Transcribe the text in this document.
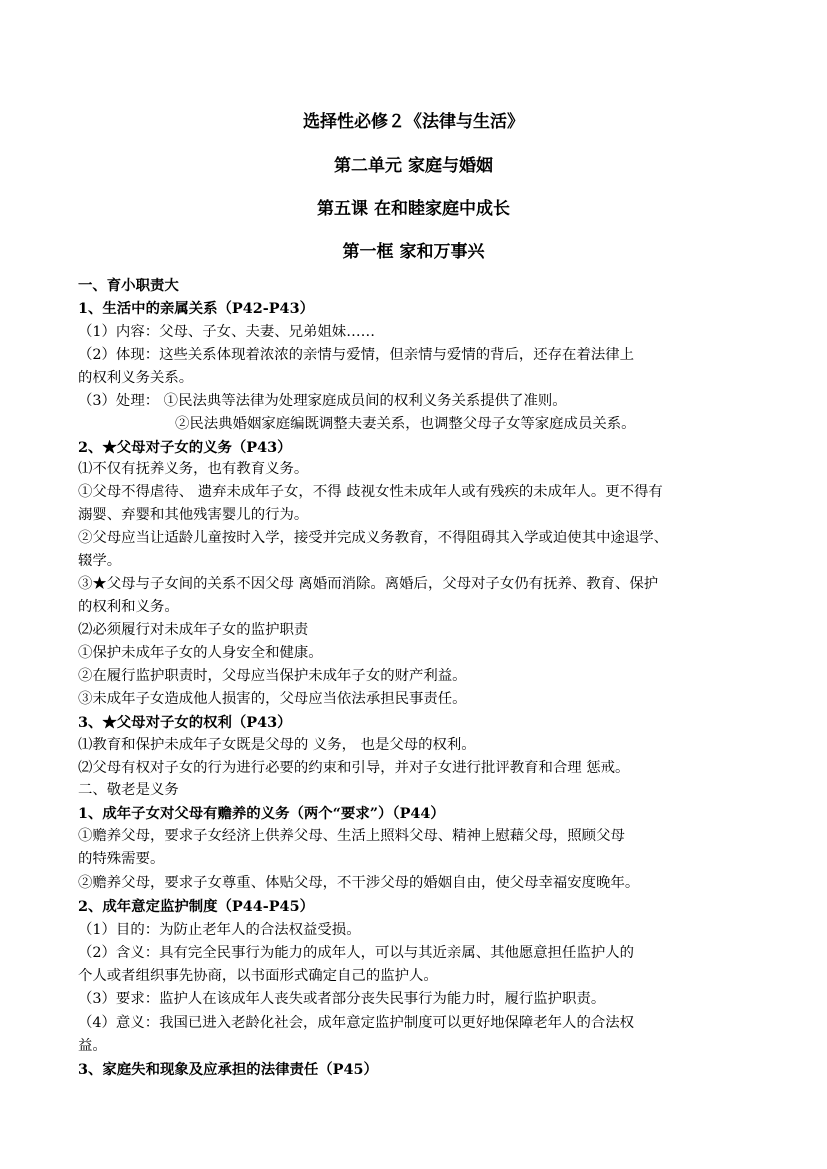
选择性必修２《法律与生活》
第二单元 家庭与婚姻
第五课 在和睦家庭中成长
第一框 家和万事兴
一、育小职责大
1、生活中的亲属关系（P42-P43）
（1）内容：父母、子女、夫妻、兄弟姐妹……
（2）体现：这些关系体现着浓浓的亲情与爱情，但亲情与爱情的背后，还存在着法律上
的权利义务关系。
（3）处理： ①民法典等法律为处理家庭成员间的权利义务关系提供了准则。
②民法典婚姻家庭编既调整夫妻关系，也调整父母子女等家庭成员关系。
2、★父母对子女的义务（P43）
⑴不仅有抚养义务，也有教育义务。
①父母不得虐待、 遗弃未成年子女，不得 歧视女性未成年人或有残疾的未成年人。更不得有
溺婴、弃婴和其他残害婴儿的行为。
②父母应当让适龄儿童按时入学，接受并完成义务教育，不得阻碍其入学或迫使其中途退学、
辍学。
③★父母与子女间的关系不因父母 离婚而消除。离婚后，父母对子女仍有抚养、教育、保护
的权利和义务。
⑵必须履行对未成年子女的监护职责
①保护未成年子女的人身安全和健康。
②在履行监护职责时，父母应当保护未成年子女的财产利益。
③未成年子女造成他人损害的，父母应当依法承担民事责任。
3、★父母对子女的权利（P43）
⑴教育和保护未成年子女既是父母的 义务， 也是父母的权利。
⑵父母有权对子女的行为进行必要的约束和引导，并对子女进行批评教育和合理 惩戒。
二、敬老是义务
1、成年子女对父母有赡养的义务（两个“要求”）（P44）
①赡养父母，要求子女经济上供养父母、生活上照料父母、精神上慰藉父母，照顾父母
的特殊需要。
②赡养父母，要求子女尊重、体贴父母，不干涉父母的婚姻自由，使父母幸福安度晚年。
2、成年意定监护制度（P44-P45）
（1）目的：为防止老年人的合法权益受损。
（2）含义：具有完全民事行为能力的成年人，可以与其近亲属、其他愿意担任监护人的
个人或者组织事先协商，以书面形式确定自己的监护人。
（3）要求：监护人在该成年人丧失或者部分丧失民事行为能力时，履行监护职责。
（4）意义：我国已进入老龄化社会，成年意定监护制度可以更好地保障老年人的合法权
益。
3、家庭失和现象及应承担的法律责任（P45）
